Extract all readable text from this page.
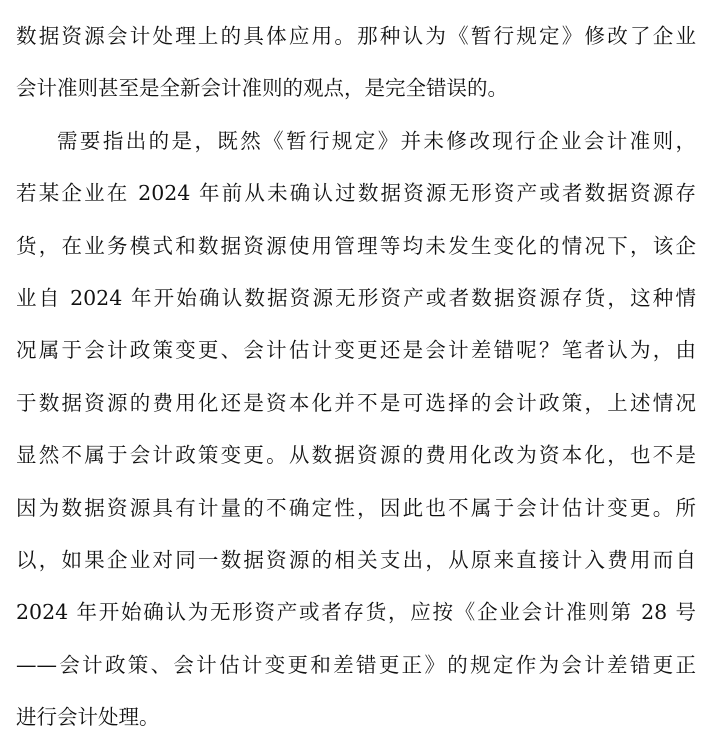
数据资源会计处理上的具体应用。那种认为《暂行规定》修改了企业
会计准则甚至是全新会计准则的观点，是完全错误的。
需要指出的是，既然《暂行规定》并未修改现行企业会计准则，
若某企业在 2024 年前从未确认过数据资源无形资产或者数据资源存
货，在业务模式和数据资源使用管理等均未发生变化的情况下，该企
业自 2024 年开始确认数据资源无形资产或者数据资源存货，这种情
况属于会计政策变更、会计估计变更还是会计差错呢？笔者认为，由
于数据资源的费用化还是资本化并不是可选择的会计政策，上述情况
显然不属于会计政策变更。从数据资源的费用化改为资本化，也不是
因为数据资源具有计量的不确定性，因此也不属于会计估计变更。所
以，如果企业对同一数据资源的相关支出，从原来直接计入费用而自
2024 年开始确认为无形资产或者存货，应按《企业会计准则第 28 号
——会计政策、会计估计变更和差错更正》的规定作为会计差错更正
进行会计处理。
